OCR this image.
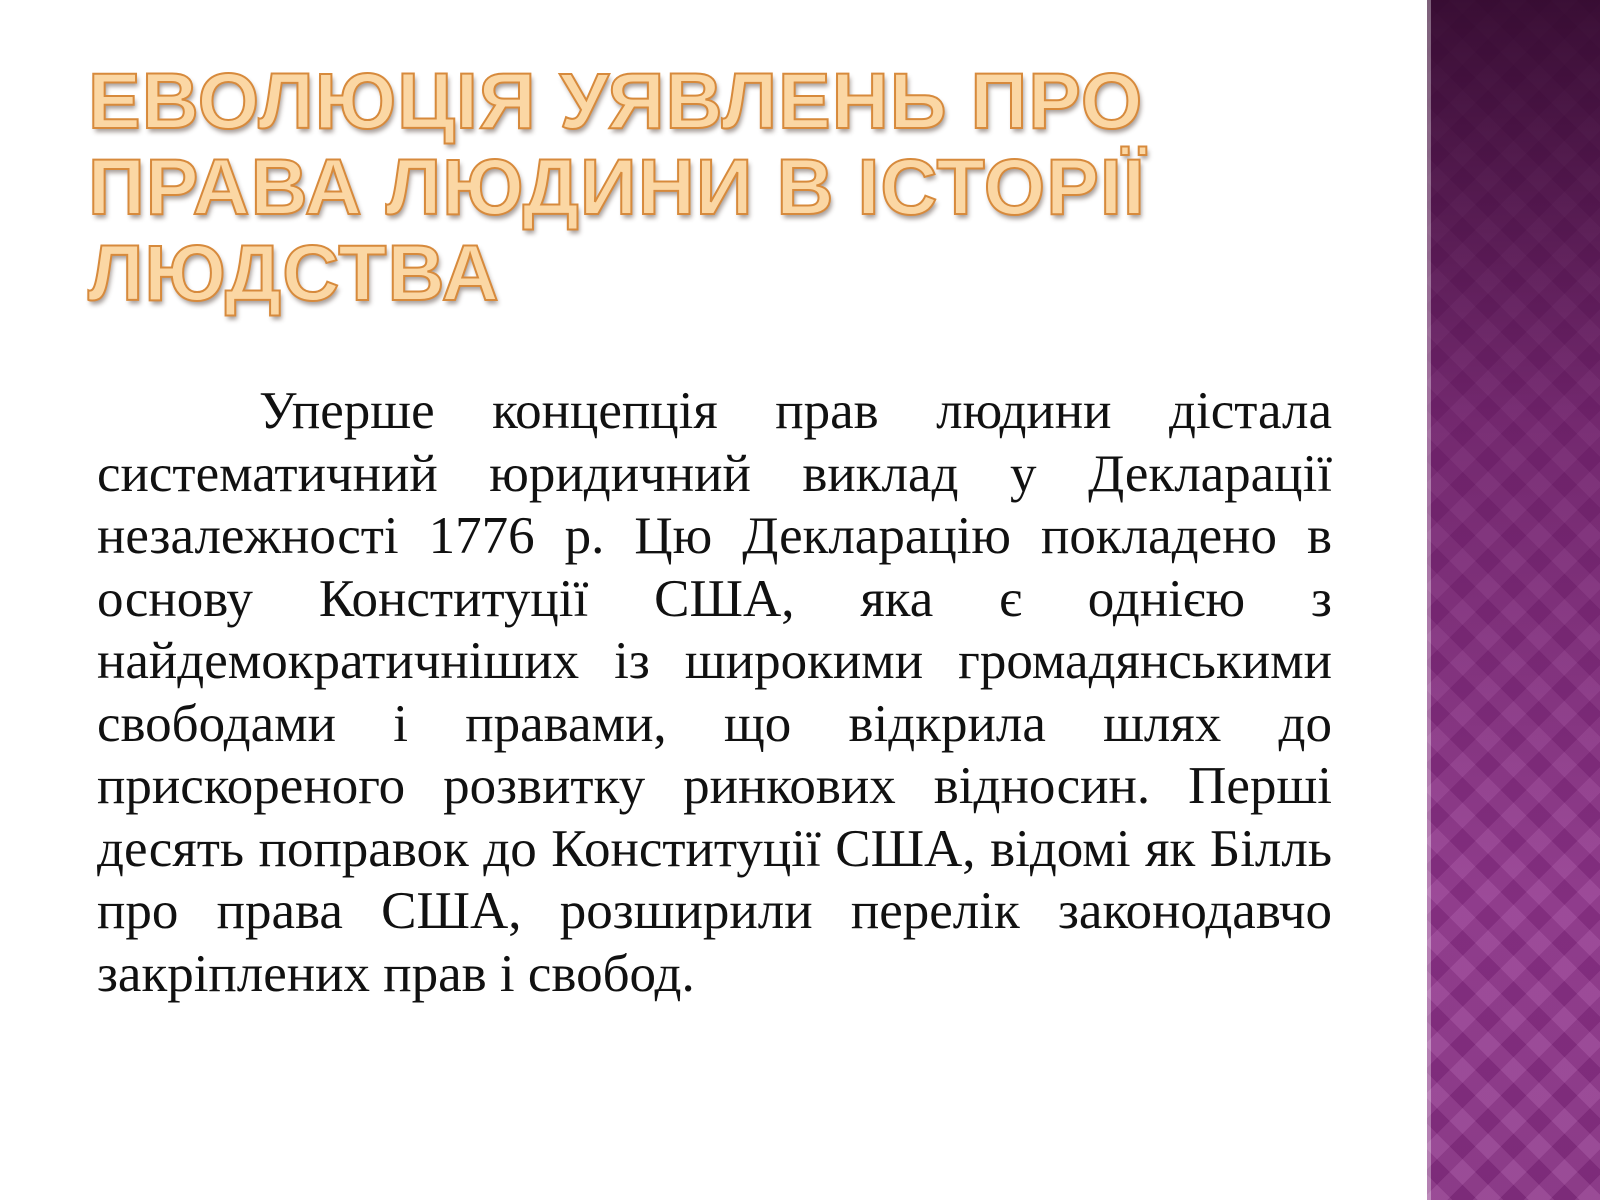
ЕВОЛЮЦІЯ УЯВЛЕНЬ ПРО
ПРАВА ЛЮДИНИ В ІСТОРІЇ
ЛЮДСТВА

Уперше концепція прав людини дістала систематичний юридичний виклад у Декларації незалежності 1776 р. Цю Декларацію покладено в основу Конституції США, яка є однією з найдемократичніших із широкими громадянськими свободами і правами, що відкрила шлях до прискореного розвитку ринкових відносин. Перші десять поправок до Конституції США, відомі як Білль про права США, розширили перелік законодавчо закріплених прав і свобод.
